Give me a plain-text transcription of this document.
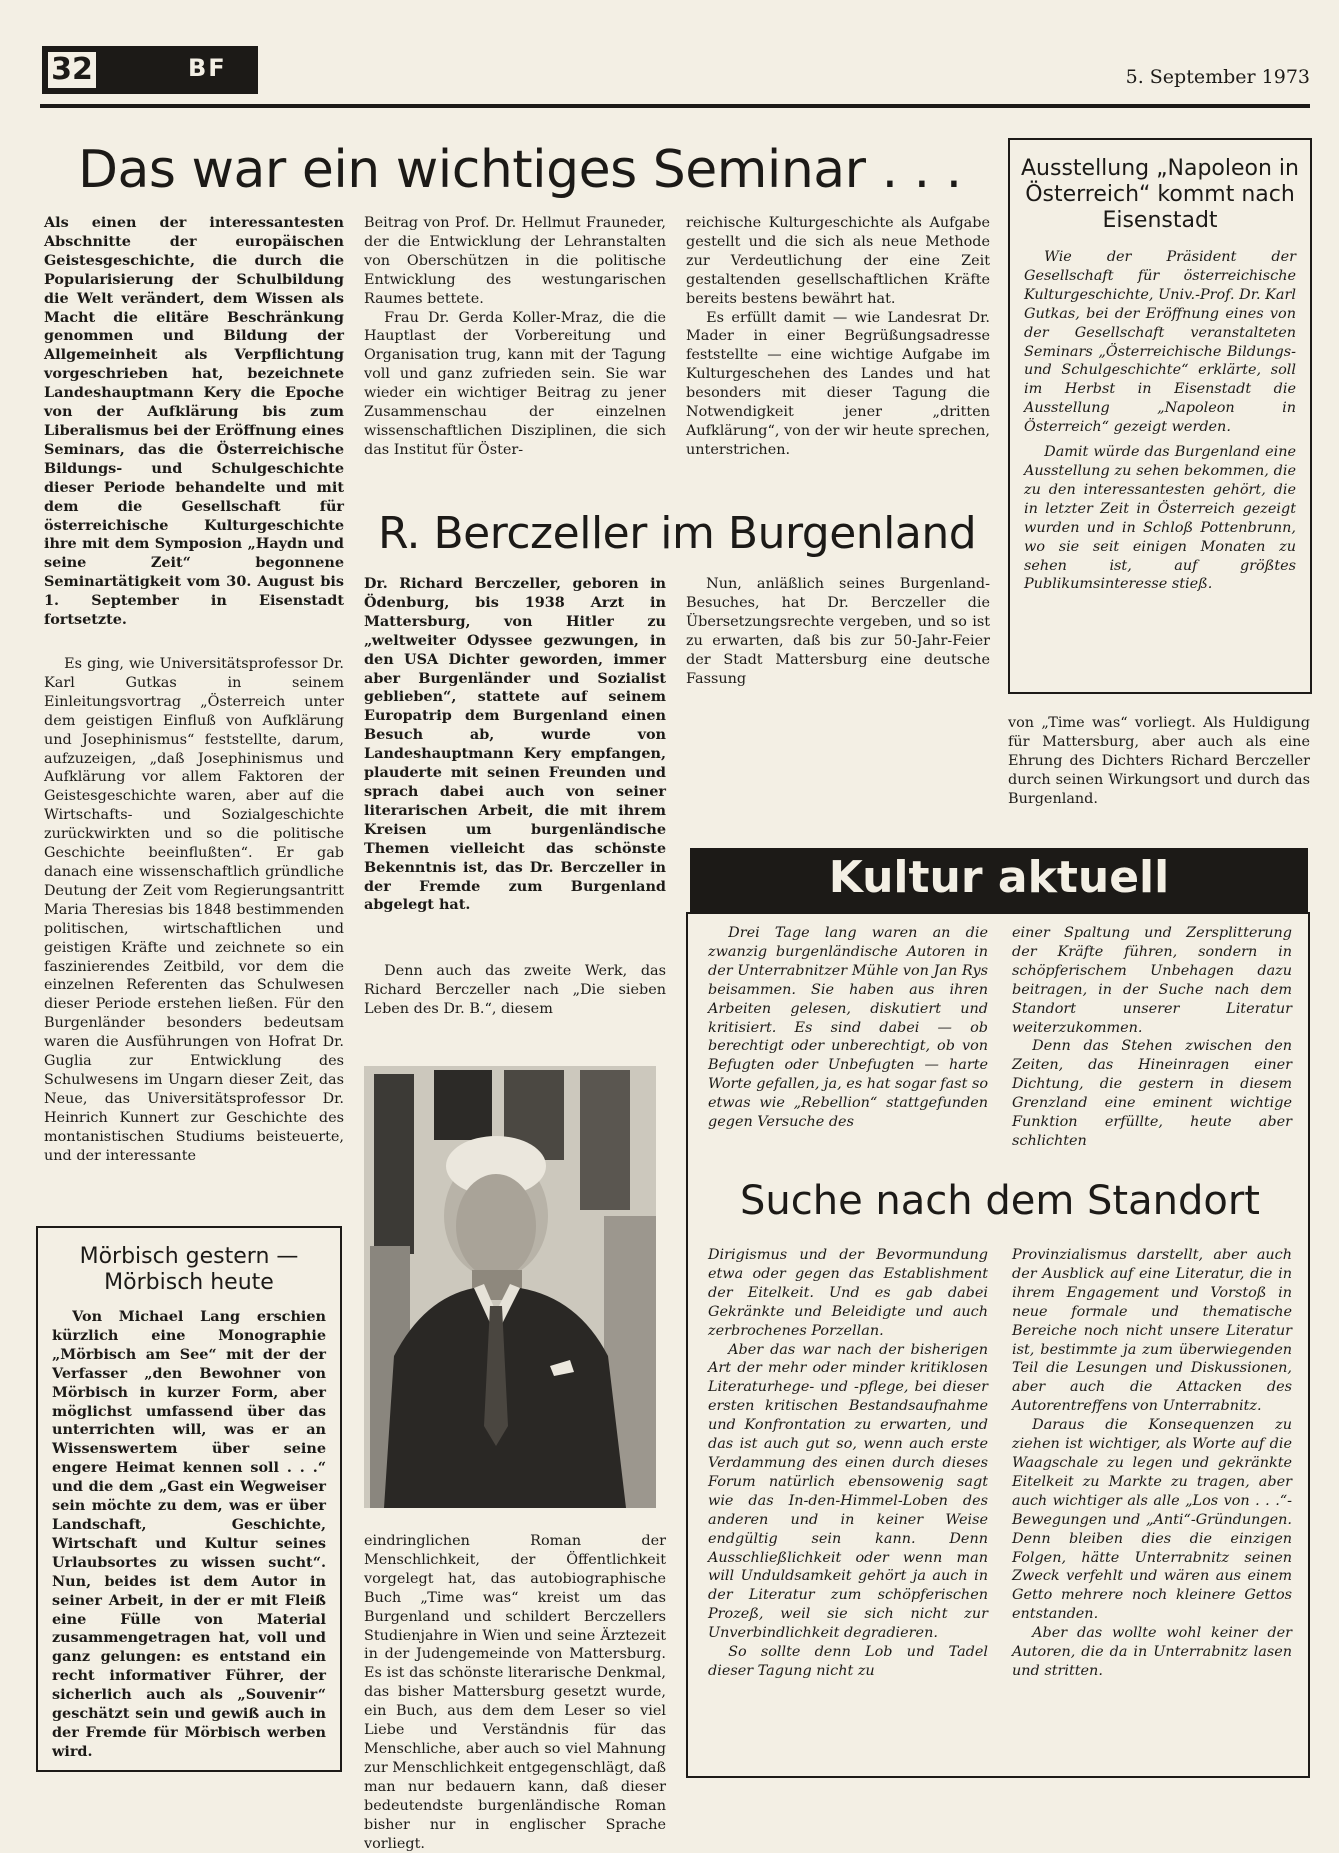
32	BF	5. September 1973
Das war ein wichtiges Seminar . . .

Als einen der interessantesten Abschnitte der europäischen Geistesgeschichte, die durch die Popularisierung der Schulbildung die Welt verändert, dem Wissen als Macht die elitäre Beschränkung genommen und Bildung der Allgemeinheit als Verpflichtung vorgeschrieben hat, bezeichnete Landeshauptmann Kery die Epoche von der Aufklärung bis zum Liberalismus bei der Eröffnung eines Seminars, das die Österreichische Bildungs- und Schulgeschichte dieser Periode behandelte und mit dem die Gesellschaft für österreichische Kulturgeschichte ihre mit dem Symposion „Haydn und seine Zeit“ begonnene Seminartätigkeit vom 30. August bis 1. September in Eisenstadt fortsetzte.

Es ging, wie Universitätsprofessor Dr. Karl Gutkas in seinem Einleitungsvortrag „Österreich unter dem geistigen Einfluß von Aufklärung und Josephinismus“ feststellte, darum, aufzuzeigen, „daß Josephinismus und Aufklärung vor allem Faktoren der Geistesgeschichte waren, aber auf die Wirtschafts- und Sozialgeschichte zurückwirkten und so die politische Geschichte beeinflußten“. Er gab danach eine wissenschaftlich gründliche Deutung der Zeit vom Regierungsantritt Maria Theresias bis 1848 bestimmenden politischen, wirtschaftlichen und geistigen Kräfte und zeichnete so ein faszinierendes Zeitbild, vor dem die einzelnen Referenten das Schulwesen dieser Periode erstehen ließen. Für den Burgenländer besonders bedeutsam waren die Ausführungen von Hofrat Dr. Guglia zur Entwicklung des Schulwesens im Ungarn dieser Zeit, das Neue, das Universitätsprofessor Dr. Heinrich Kunnert zur Geschichte des montanistischen Studiums beisteuerte, und der interessante

Beitrag von Prof. Dr. Hellmut Frauneder, der die Entwicklung der Lehranstalten von Oberschützen in die politische Entwicklung des westungarischen Raumes bettete.

Frau Dr. Gerda Koller-Mraz, die die Hauptlast der Vorbereitung und Organisation trug, kann mit der Tagung voll und ganz zufrieden sein. Sie war wieder ein wichtiger Beitrag zu jener Zusammenschau der einzelnen wissenschaftlichen Disziplinen, die sich das Institut für Öster-

reichische Kulturgeschichte als Aufgabe gestellt und die sich als neue Methode zur Verdeutlichung der eine Zeit gestaltenden gesellschaftlichen Kräfte bereits bestens bewährt hat.

Es erfüllt damit — wie Landesrat Dr. Mader in einer Begrüßungsadresse feststellte — eine wichtige Aufgabe im Kulturgeschehen des Landes und hat besonders mit dieser Tagung die Notwendigkeit jener „dritten Aufklärung“, von der wir heute sprechen, unterstrichen.

Ausstellung „Napoleon in Österreich“ kommt nach Eisenstadt

Wie der Präsident der Gesellschaft für österreichische Kulturgeschichte, Univ.-Prof. Dr. Karl Gutkas, bei der Eröffnung eines von der Gesellschaft veranstalteten Seminars „Österreichische Bildungs- und Schulgeschichte“ erklärte, soll im Herbst in Eisenstadt die Ausstellung „Napoleon in Österreich“ gezeigt werden.

Damit würde das Burgenland eine Ausstellung zu sehen bekommen, die zu den interessantesten gehört, die in letzter Zeit in Österreich gezeigt wurden und in Schloß Pottenbrunn, wo sie seit einigen Monaten zu sehen ist, auf größtes Publikumsinteresse stieß.

R. Berczeller im Burgenland

Dr. Richard Berczeller, geboren in Ödenburg, bis 1938 Arzt in Mattersburg, von Hitler zu „weltweiter Odyssee gezwungen, in den USA Dichter geworden, immer aber Burgenländer und Sozialist geblieben“, stattete auf seinem Europatrip dem Burgenland einen Besuch ab, wurde von Landeshauptmann Kery empfangen, plauderte mit seinen Freunden und sprach dabei auch von seiner literarischen Arbeit, die mit ihrem Kreisen um burgenländische Themen vielleicht das schönste Bekenntnis ist, das Dr. Berczeller in der Fremde zum Burgenland abgelegt hat.

Denn auch das zweite Werk, das Richard Berczeller nach „Die sieben Leben des Dr. B.“, diesem

eindringlichen Roman der Menschlichkeit, der Öffentlichkeit vorgelegt hat, das autobiographische Buch „Time was“ kreist um das Burgenland und schildert Berczellers Studienjahre in Wien und seine Ärztezeit in der Judengemeinde von Mattersburg. Es ist das schönste literarische Denkmal, das bisher Mattersburg gesetzt wurde, ein Buch, aus dem dem Leser so viel Liebe und Verständnis für das Menschliche, aber auch so viel Mahnung zur Menschlichkeit entgegenschlägt, daß man nur bedauern kann, daß dieser bedeutendste burgenländische Roman bisher nur in englischer Sprache vorliegt.

Nun, anläßlich seines Burgenland-Besuches, hat Dr. Berczeller die Übersetzungsrechte vergeben, und so ist zu erwarten, daß bis zur 50-Jahr-Feier der Stadt Mattersburg eine deutsche Fassung

von „Time was“ vorliegt. Als Huldigung für Mattersburg, aber auch als eine Ehrung des Dichters Richard Berczeller durch seinen Wirkungsort und durch das Burgenland.

Mörbisch gestern — Mörbisch heute

Von Michael Lang erschien kürzlich eine Monographie „Mörbisch am See“ mit der der Verfasser „den Bewohner von Mörbisch in kurzer Form, aber möglichst umfassend über das unterrichten will, was er an Wissenswertem über seine engere Heimat kennen soll . . .“ und die dem „Gast ein Wegweiser sein möchte zu dem, was er über Landschaft, Geschichte, Wirtschaft und Kultur seines Urlaubsortes zu wissen sucht“. Nun, beides ist dem Autor in seiner Arbeit, in der er mit Fleiß eine Fülle von Material zusammengetragen hat, voll und ganz gelungen: es entstand ein recht informativer Führer, der sicherlich auch als „Souvenir“ geschätzt sein und gewiß auch in der Fremde für Mörbisch werben wird.

Kultur aktuell

Drei Tage lang waren an die zwanzig burgenländische Autoren in der Unterrabnitzer Mühle von Jan Rys beisammen. Sie haben aus ihren Arbeiten gelesen, diskutiert und kritisiert. Es sind dabei — ob berechtigt oder unberechtigt, ob von Befugten oder Unbefugten — harte Worte gefallen, ja, es hat sogar fast so etwas wie „Rebellion“ stattgefunden gegen Versuche des

einer Spaltung und Zersplitterung der Kräfte führen, sondern in schöpferischem Unbehagen dazu beitragen, in der Suche nach dem Standort unserer Literatur weiterzukommen.

Denn das Stehen zwischen den Zeiten, das Hineinragen einer Dichtung, die gestern in diesem Grenzland eine eminent wichtige Funktion erfüllte, heute aber schlichten

Suche nach dem Standort

Dirigismus und der Bevormundung etwa oder gegen das Establishment der Eitelkeit. Und es gab dabei Gekränkte und Beleidigte und auch zerbrochenes Porzellan.

Aber das war nach der bisherigen Art der mehr oder minder kritiklosen Literaturhege- und -pflege, bei dieser ersten kritischen Bestandsaufnahme und Konfrontation zu erwarten, und das ist auch gut so, wenn auch erste Verdammung des einen durch dieses Forum natürlich ebensowenig sagt wie das In-den-Himmel-Loben des anderen und in keiner Weise endgültig sein kann. Denn Ausschließlichkeit oder wenn man will Unduldsamkeit gehört ja auch in der Literatur zum schöpferischen Prozeß, weil sie sich nicht zur Unverbindlichkeit degradieren.

So sollte denn Lob und Tadel dieser Tagung nicht zu

Provinzialismus darstellt, aber auch der Ausblick auf eine Literatur, die in ihrem Engagement und Vorstoß in neue formale und thematische Bereiche noch nicht unsere Literatur ist, bestimmte ja zum überwiegenden Teil die Lesungen und Diskussionen, aber auch die Attacken des Autorentreffens von Unterrabnitz.

Daraus die Konsequenzen zu ziehen ist wichtiger, als Worte auf die Waagschale zu legen und gekränkte Eitelkeit zu Markte zu tragen, aber auch wichtiger als alle „Los von . . .“-Bewegungen und „Anti“-Gründungen. Denn bleiben dies die einzigen Folgen, hätte Unterrabnitz seinen Zweck verfehlt und wären aus einem Getto mehrere noch kleinere Gettos entstanden.

Aber das wollte wohl keiner der Autoren, die da in Unterrabnitz lasen und stritten.
